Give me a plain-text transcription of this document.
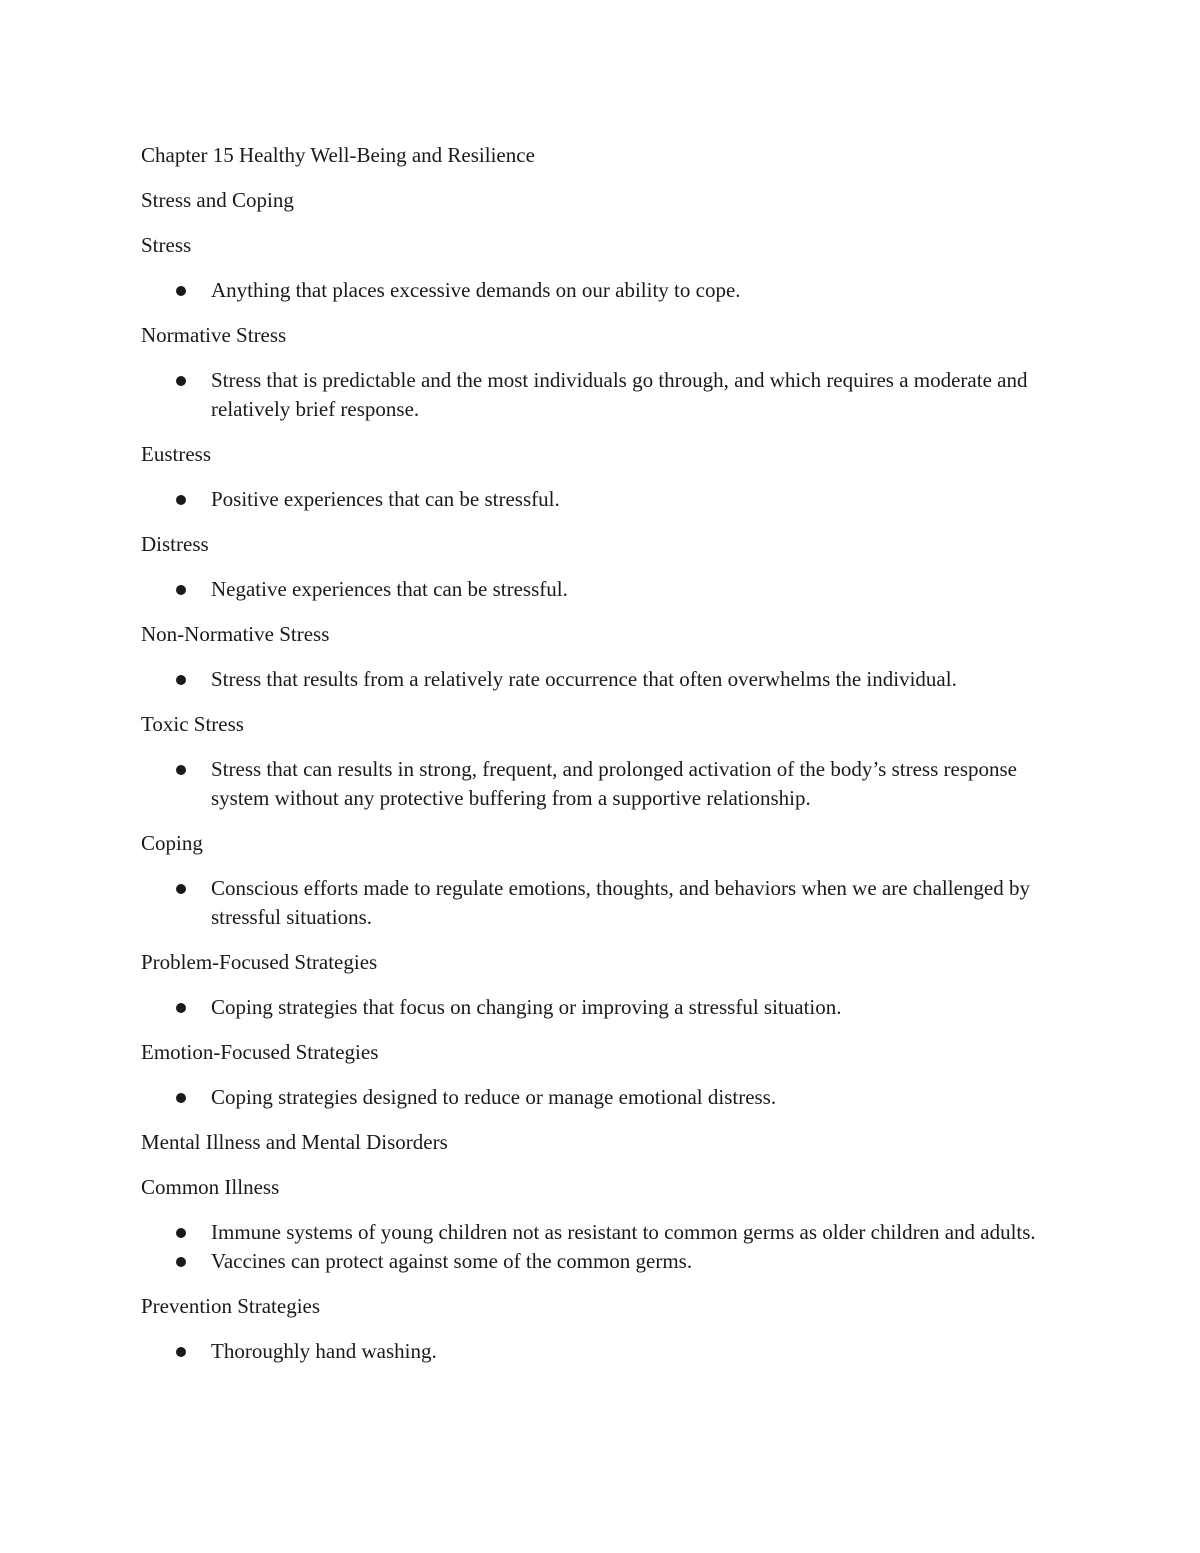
Chapter 15 Healthy Well-Being and Resilience
Stress and Coping
Stress
Anything that places excessive demands on our ability to cope.
Normative Stress
Stress that is predictable and the most individuals go through, and which requires a moderate and relatively brief response.
Eustress
Positive experiences that can be stressful.
Distress
Negative experiences that can be stressful.
Non-Normative Stress
Stress that results from a relatively rate occurrence that often overwhelms the individual.
Toxic Stress
Stress that can results in strong, frequent, and prolonged activation of the body’s stress response system without any protective buffering from a supportive relationship.
Coping
Conscious efforts made to regulate emotions, thoughts, and behaviors when we are challenged by stressful situations.
Problem-Focused Strategies
Coping strategies that focus on changing or improving a stressful situation.
Emotion-Focused Strategies
Coping strategies designed to reduce or manage emotional distress.
Mental Illness and Mental Disorders
Common Illness
Immune systems of young children not as resistant to common germs as older children and adults.
Vaccines can protect against some of the common germs.
Prevention Strategies
Thoroughly hand washing.
